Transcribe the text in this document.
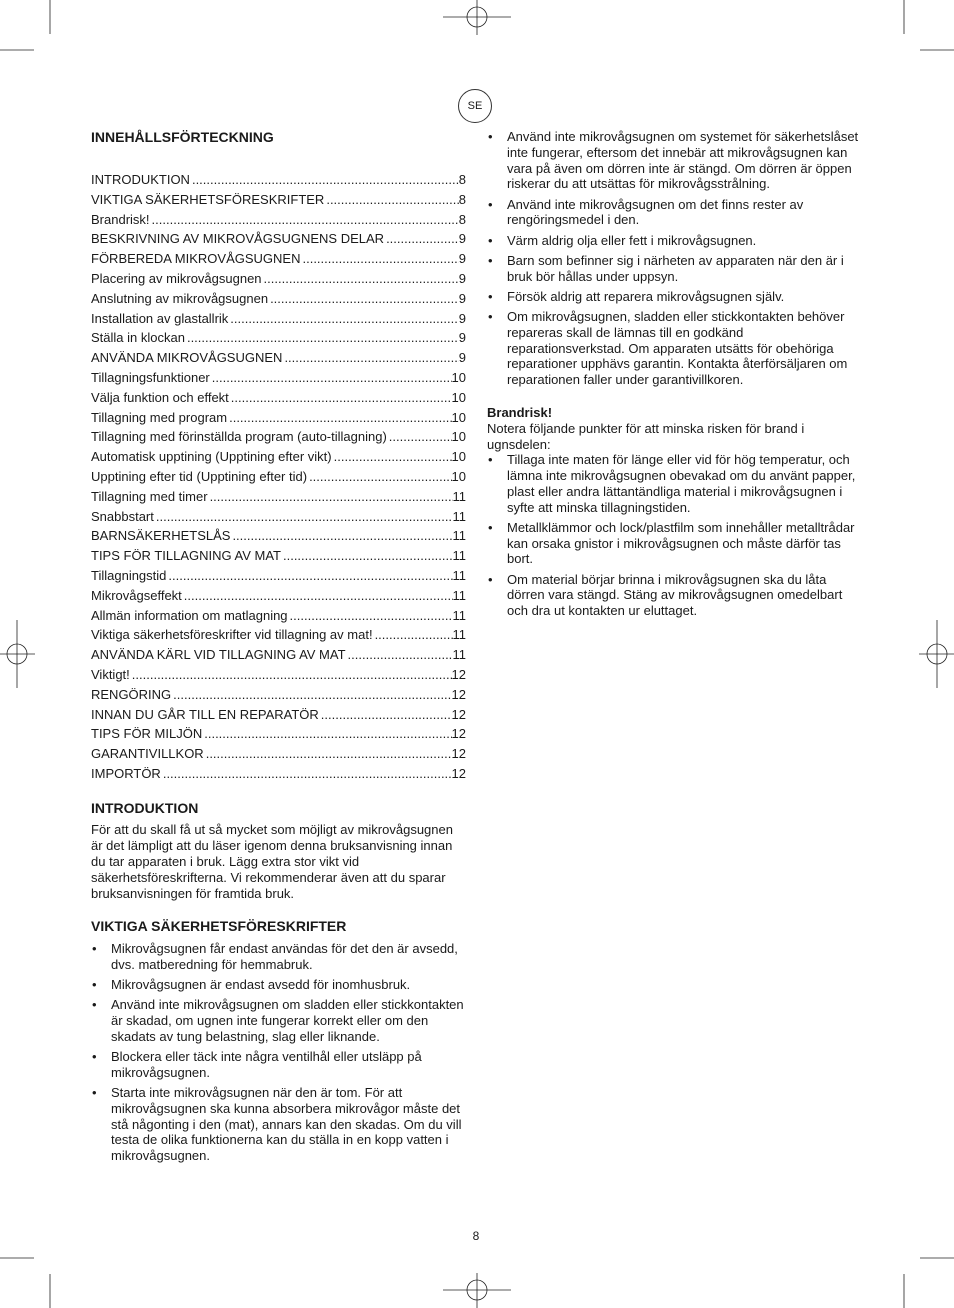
SE
INNEHÅLLSFÖRTECKNING
INTRODUKTION .....	8
VIKTIGA SÄKERHETSFÖRESKRIFTER .....	8
Brandrisk! .....	8
BESKRIVNING AV MIKROVÅGSUGNENS DELAR .....	9
FÖRBEREDA MIKROVÅGSUGNEN .....	9
Placering av mikrovågsugnen .....	9
Anslutning av mikrovågsugnen .....	9
Installation av glastallrik .....	9
Ställa in klockan .....	9
ANVÄNDA MIKROVÅGSUGNEN .....	9
Tillagningsfunktioner .....	10
Välja funktion och effekt .....	10
Tillagning med program .....	10
Tillagning med förinställda program (auto-tillagning) .....	10
Automatisk upptining (Upptining efter vikt) .....	10
Upptining efter tid (Upptining efter tid) .....	10
Tillagning med timer .....	11
Snabbstart .....	11
BARNSÄKERHETSLÅS .....	11
TIPS FÖR TILLAGNING AV MAT .....	11
Tillagningstid .....	11
Mikrovågseffekt .....	11
Allmän information om matlagning .....	11
Viktiga säkerhetsföreskrifter vid tillagning av mat! .....	11
ANVÄNDA KÄRL VID TILLAGNING AV MAT .....	11
Viktigt! .....	12
RENGÖRING .....	12
INNAN DU GÅR TILL EN REPARATÖR .....	12
TIPS FÖR MILJÖN .....	12
GARANTIVILLKOR .....	12
IMPORTÖR .....	12
INTRODUKTION
För att du skall få ut så mycket som möjligt av mikrovågsugnen
är det lämpligt att du läser igenom denna bruksanvisning innan
du tar apparaten i bruk. Lägg extra stor vikt vid
säkerhetsföreskrifterna. Vi rekommenderar även att du sparar
bruksanvisningen för framtida bruk.
VIKTIGA SÄKERHETSFÖRESKRIFTER
• Mikrovågsugnen får endast användas för det den är avsedd,
dvs. matberedning för hemmabruk.
• Mikrovågsugnen är endast avsedd för inomhusbruk.
• Använd inte mikrovågsugnen om sladden eller stickkontakten
är skadad, om ugnen inte fungerar korrekt eller om den
skadats av tung belastning, slag eller liknande.
• Blockera eller täck inte några ventilhål eller utsläpp på
mikrovågsugnen.
• Starta inte mikrovågsugnen när den är tom. För att
mikrovågsugnen ska kunna absorbera mikrovågor måste det
stå någonting i den (mat), annars kan den skadas. Om du vill
testa de olika funktionerna kan du ställa in en kopp vatten i
mikrovågsugnen.
• Använd inte mikrovågsugnen om systemet för säkerhetslåset
inte fungerar, eftersom det innebär att mikrovågsugnen kan
vara på även om dörren inte är stängd. Om dörren är öppen
riskerar du att utsättas för mikrovågsstrålning.
• Använd inte mikrovågsugnen om det finns rester av
rengöringsmedel i den.
• Värm aldrig olja eller fett i mikrovågsugnen.
• Barn som befinner sig i närheten av apparaten när den är i
bruk bör hållas under uppsyn.
• Försök aldrig att reparera mikrovågsugnen själv.
• Om mikrovågsugnen, sladden eller stickkontakten behöver
repareras skall de lämnas till en godkänd
reparationsverkstad. Om apparaten utsätts för obehöriga
reparationer upphävs garantin. Kontakta återförsäljaren om
reparationen faller under garantivillkoren.
Brandrisk!
Notera följande punkter för att minska risken för brand i
ugnsdelen:
• Tillaga inte maten för länge eller vid för hög temperatur, och
lämna inte mikrovågsugnen obevakad om du använt papper,
plast eller andra lättantändliga material i mikrovågsugnen i
syfte att minska tillagningstiden.
• Metallklämmor och lock/plastfilm som innehåller metalltrådar
kan orsaka gnistor i mikrovågsugnen och måste därför tas
bort.
• Om material börjar brinna i mikrovågsugnen ska du låta
dörren vara stängd. Stäng av mikrovågsugnen omedelbart
och dra ut kontakten ur eluttaget.
8
